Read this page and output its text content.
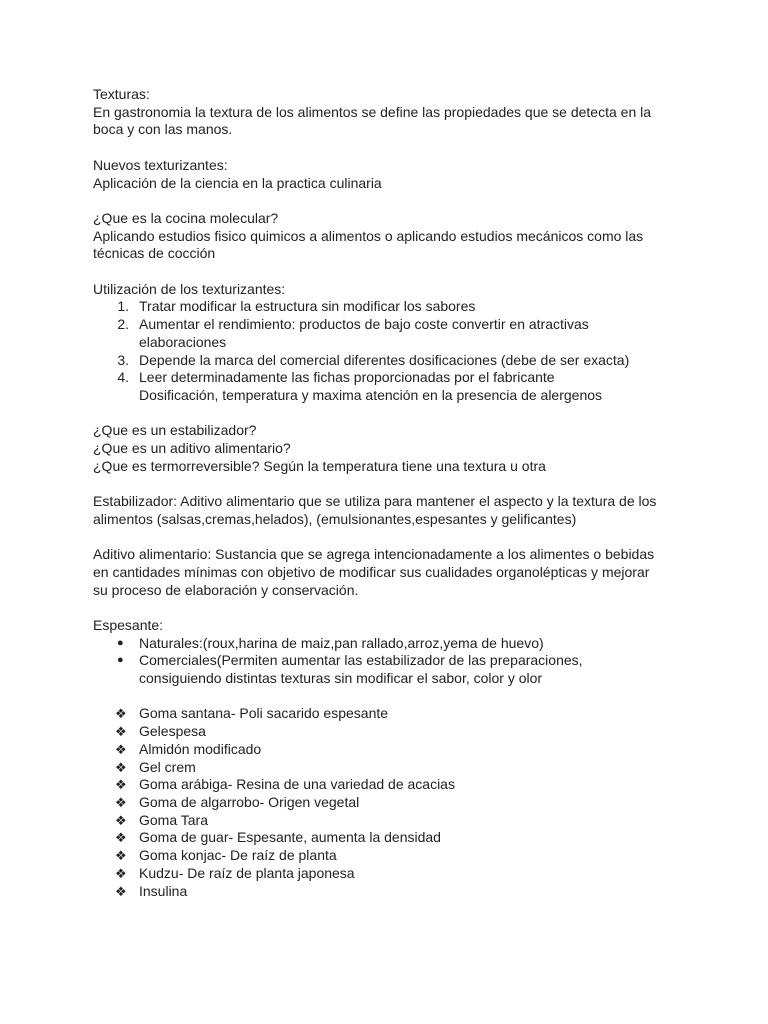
Texturas:

En gastronomia la textura de los alimentos se define las propiedades que se detecta en la

boca y con las manos.

Nuevos texturizantes:

Aplicación de la ciencia en la practica culinaria

¿Que es la cocina molecular?

Aplicando estudios fisico quimicos a alimentos o aplicando estudios mecánicos como las

técnicas de cocción

Utilización de los texturizantes:

1. Tratar modificar la estructura sin modificar los sabores
2. Aumentar el rendimiento: productos de bajo coste convertir en atractivas
elaboraciones
3. Depende la marca del comercial diferentes dosificaciones (debe de ser exacta)
4. Leer determinadamente las fichas proporcionadas por el fabricante
Dosificación, temperatura y maxima atención en la presencia de alergenos

¿Que es un estabilizador?

¿Que es un aditivo alimentario?

¿Que es termorreversible? Según la temperatura tiene una textura u otra

Estabilizador: Aditivo alimentario que se utiliza para mantener el aspecto y la textura de los

alimentos (salsas,cremas,helados), (emulsionantes,espesantes y gelificantes)

Aditivo alimentario: Sustancia que se agrega intencionadamente a los alimentes o bebidas

en cantidades mínimas con objetivo de modificar sus cualidades organolépticas y mejorar

su proceso de elaboración y conservación.

Espesante:

● Naturales:(roux,harina de maiz,pan rallado,arroz,yema de huevo)
● Comerciales(Permiten aumentar las estabilizador de las preparaciones,
consiguiendo distintas texturas sin modificar el sabor, color y olor
❖ Goma santana- Poli sacarido espesante
❖ Gelespesa
❖ Almidón modificado
❖ Gel crem
❖ Goma arábiga- Resina de una variedad de acacias
❖ Goma de algarrobo- Origen vegetal
❖ Goma Tara
❖ Goma de guar- Espesante, aumenta la densidad
❖ Goma konjac- De raíz de planta
❖ Kudzu- De raíz de planta japonesa
❖ Insulina
